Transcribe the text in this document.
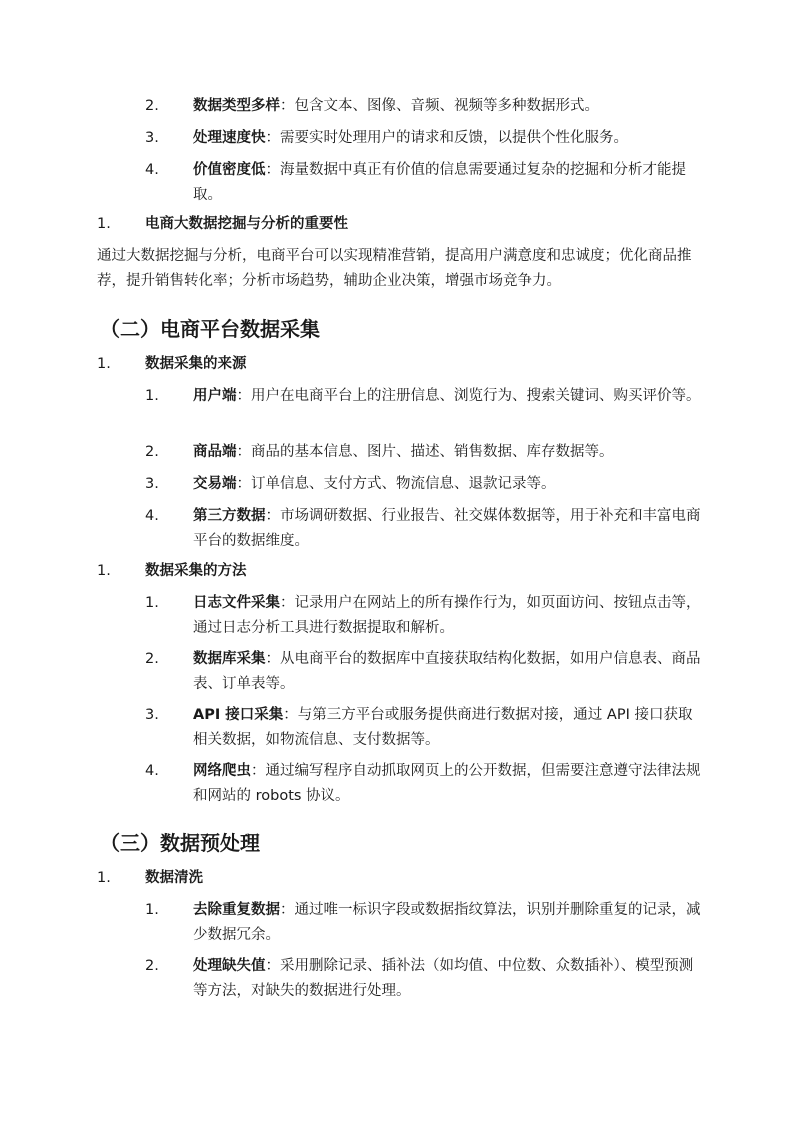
2.	数据类型多样：包含文本、图像、音频、视频等多种数据形式。
3.	处理速度快：需要实时处理用户的请求和反馈，以提供个性化服务。
4.	价值密度低：海量数据中真正有价值的信息需要通过复杂的挖掘和分析才能提取。
1.	电商大数据挖掘与分析的重要性
通过大数据挖掘与分析，电商平台可以实现精准营销，提高用户满意度和忠诚度；优化商品推荐，提升销售转化率；分析市场趋势，辅助企业决策，增强市场竞争力。
（二）电商平台数据采集
1.	数据采集的来源
1.	用户端：用户在电商平台上的注册信息、浏览行为、搜索关键词、购买评价等。
2.	商品端：商品的基本信息、图片、描述、销售数据、库存数据等。
3.	交易端：订单信息、支付方式、物流信息、退款记录等。
4.	第三方数据：市场调研数据、行业报告、社交媒体数据等，用于补充和丰富电商平台的数据维度。
1.	数据采集的方法
1.	日志文件采集：记录用户在网站上的所有操作行为，如页面访问、按钮点击等，通过日志分析工具进行数据提取和解析。
2.	数据库采集：从电商平台的数据库中直接获取结构化数据，如用户信息表、商品表、订单表等。
3.	API 接口采集：与第三方平台或服务提供商进行数据对接，通过 API 接口获取相关数据，如物流信息、支付数据等。
4.	网络爬虫：通过编写程序自动抓取网页上的公开数据，但需要注意遵守法律法规和网站的 robots 协议。
（三）数据预处理
1.	数据清洗
1.	去除重复数据：通过唯一标识字段或数据指纹算法，识别并删除重复的记录，减少数据冗余。
2.	处理缺失值：采用删除记录、插补法（如均值、中位数、众数插补）、模型预测等方法，对缺失的数据进行处理。
